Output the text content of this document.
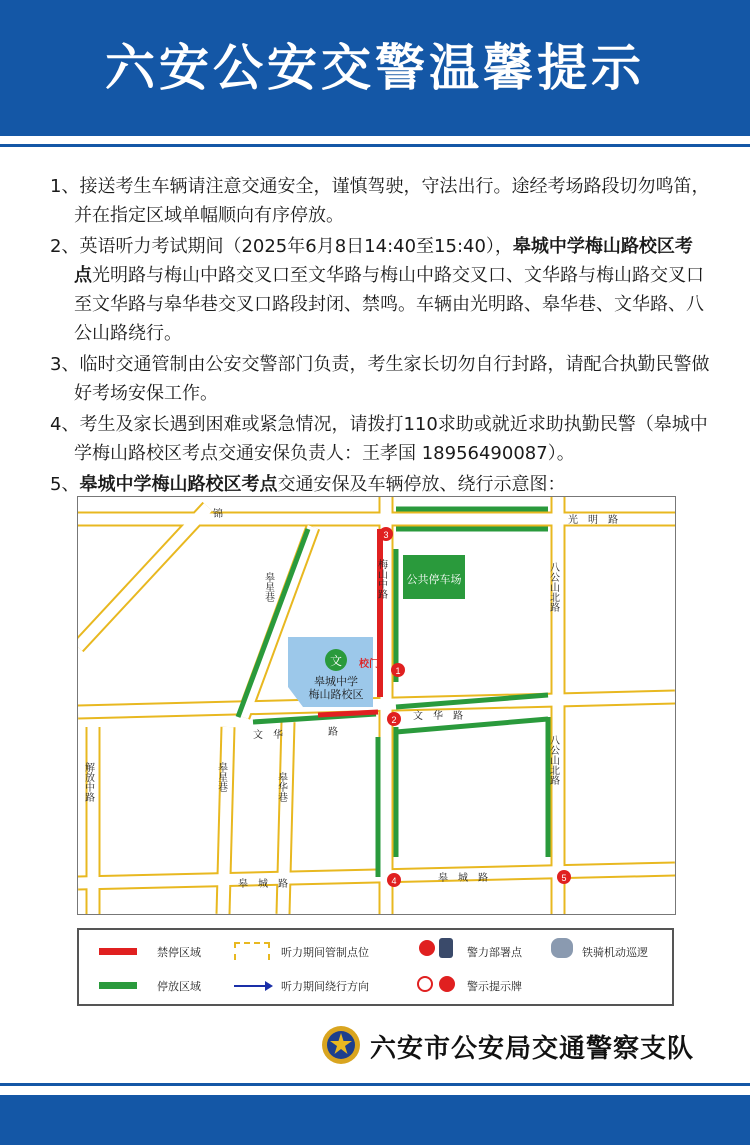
六安公安交警温馨提示
1、接送考生车辆请注意交通安全，谨慎驾驶，守法出行。途经考场路段切勿鸣笛，并在指定区域单幅顺向有序停放。
2、英语听力考试期间（2025年6月8日14:40至15:40），皋城中学梅山路校区考点光明路与梅山中路交叉口至文华路与梅山中路交叉口、文华路与梅山路交叉口至文华路与皋华巷交叉口路段封闭、禁鸣。车辆由光明路、皋华巷、文华路、八公山路绕行。
3、临时交通管制由公安交警部门负责，考生家长切勿自行封路，请配合执勤民警做好考场安保工作。
4、考生及家长遇到困难或紧急情况，请拨打110求助或就近求助执勤民警（皋城中学梅山路校区考点交通安保负责人：王孝国 18956490087）。
5、皋城中学梅山路校区考点交通安保及车辆停放、绕行示意图：
公共停车场
文
皋城中学
梅山路校区
校门
光　明　路
文　华　路
文　华	路
皋　城　路
皋　城　路
梅山中路	八公山北路
八公山北路
解放中路	皋华巷
皋星巷
皋星巷
锦
1
2
3
4	5
禁停区域
停放区域
听力期间管制点位
听力期间绕行方向
警力部署点
警示提示牌
铁骑机动巡逻
六安市公安局交通警察支队
